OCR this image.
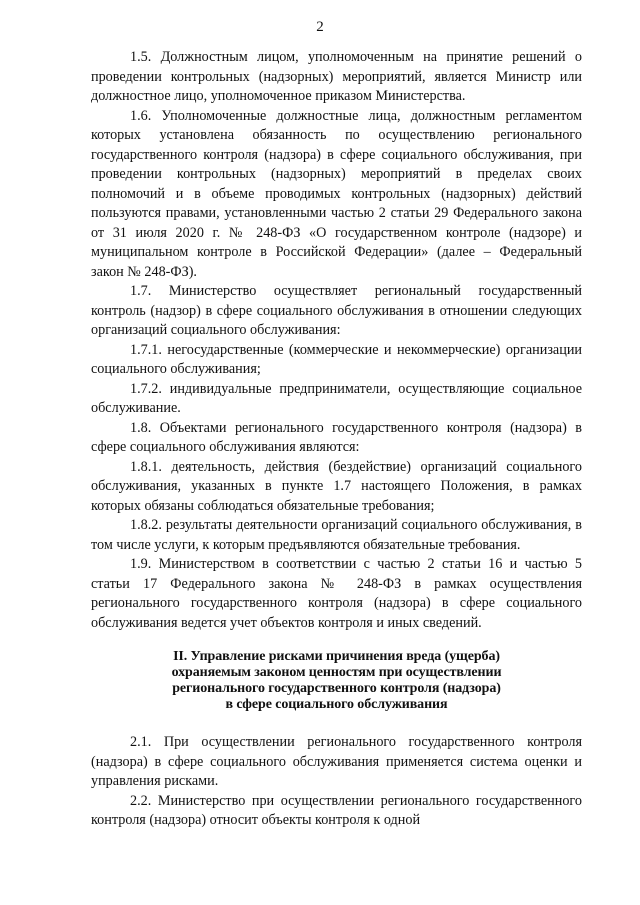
2

1.5. Должностным лицом, уполномоченным на принятие решений о проведении контрольных (надзорных) мероприятий, является Министр или должностное лицо, уполномоченное приказом Министерства.

1.6. Уполномоченные должностные лица, должностным регламентом которых установлена обязанность по осуществлению регионального государственного контроля (надзора) в сфере социального обслуживания, при проведении контрольных (надзорных) мероприятий в пределах своих полномочий и в объеме проводимых контрольных (надзорных) действий пользуются правами, установленными частью 2 статьи 29 Федерального закона от 31 июля 2020 г. № 248-ФЗ «О государственном контроле (надзоре) и муниципальном контроле в Российской Федерации» (далее – Федеральный закон № 248-ФЗ).

1.7. Министерство осуществляет региональный государственный контроль (надзор) в сфере социального обслуживания в отношении следующих организаций социального обслуживания:

1.7.1. негосударственные (коммерческие и некоммерческие) организации социального обслуживания;

1.7.2. индивидуальные предприниматели, осуществляющие социальное обслуживание.

1.8. Объектами регионального государственного контроля (надзора) в сфере социального обслуживания являются:

1.8.1. деятельность, действия (бездействие) организаций социального обслуживания, указанных в пункте 1.7 настоящего Положения, в рамках которых обязаны соблюдаться обязательные требования;

1.8.2. результаты деятельности организаций социального обслуживания, в том числе услуги, к которым предъявляются обязательные требования.

1.9. Министерством в соответствии с частью 2 статьи 16 и частью 5 статьи 17 Федерального закона № 248-ФЗ в рамках осуществления регионального государственного контроля (надзора) в сфере социального обслуживания ведется учет объектов контроля и иных сведений.

II. Управление рисками причинения вреда (ущерба)
охраняемым законом ценностям при осуществлении
регионального государственного контроля (надзора)
в сфере социального обслуживания

2.1. При осуществлении регионального государственного контроля (надзора) в сфере социального обслуживания применяется система оценки и управления рисками.

2.2. Министерство при осуществлении регионального государственного контроля (надзора) относит объекты контроля к одной
